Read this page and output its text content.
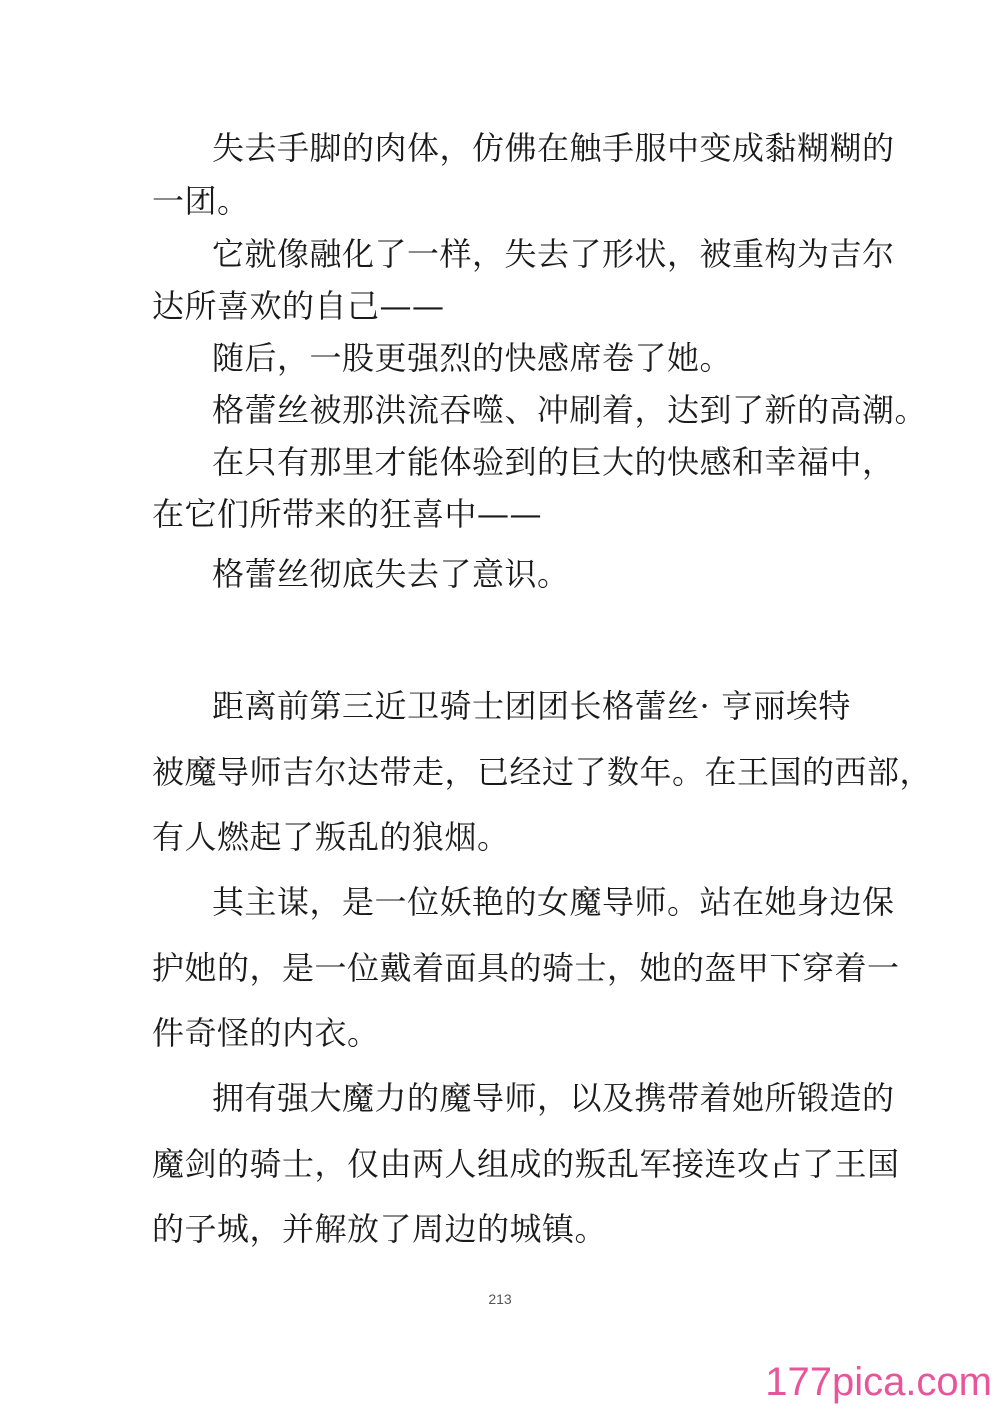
失去手脚的肉体，仿佛在触手服中变成黏糊糊的
一团。
它就像融化了一样，失去了形状，被重构为吉尔
达所喜欢的自己——
随后，一股更强烈的快感席卷了她。
格蕾丝被那洪流吞噬、冲刷着，达到了新的高潮。
在只有那里才能体验到的巨大的快感和幸福中，
在它们所带来的狂喜中——
格蕾丝彻底失去了意识。
距离前第三近卫骑士团团长格蕾丝· 亨丽埃特
被魔导师吉尔达带走，已经过了数年。在王国的西部，
有人燃起了叛乱的狼烟。
其主谋，是一位妖艳的女魔导师。站在她身边保
护她的，是一位戴着面具的骑士，她的盔甲下穿着一
件奇怪的内衣。
拥有强大魔力的魔导师，以及携带着她所锻造的
魔剑的骑士，仅由两人组成的叛乱军接连攻占了王国
的子城，并解放了周边的城镇。
213
177pica.com
